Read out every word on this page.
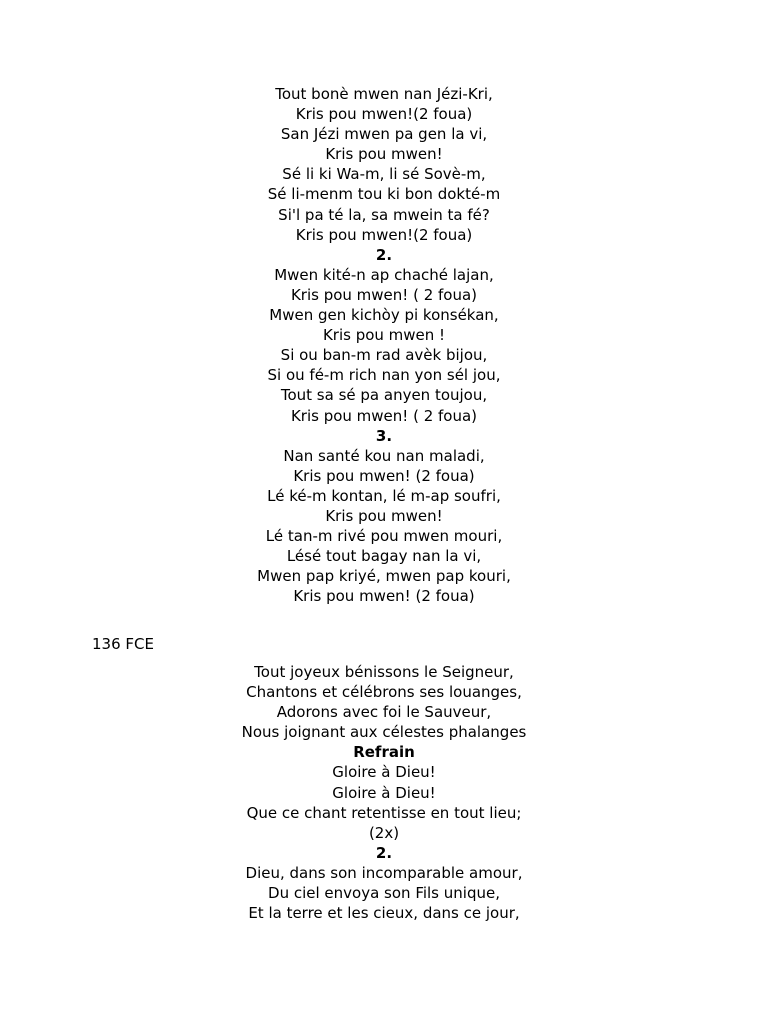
Tout bonè mwen nan Jézi-Kri,
Kris pou mwen!(2 foua)
San Jézi mwen pa gen la vi,
Kris pou mwen!
Sé li ki Wa-m, li sé Sovè-m,
Sé li-menm tou ki bon dokté-m
Si'l pa té la, sa mwein ta fé?
Kris pou mwen!(2 foua)
2.
Mwen kité-n ap chaché lajan,
Kris pou mwen! ( 2 foua)
Mwen gen kichòy pi konsékan,
Kris pou mwen !
Si ou ban-m rad avèk bijou,
Si ou fé-m rich nan yon sél jou,
Tout sa sé pa anyen toujou,
Kris pou mwen! ( 2 foua)
3.
Nan santé kou nan maladi,
Kris pou mwen! (2 foua)
Lé ké-m kontan, lé m-ap soufri,
Kris pou mwen!
Lé tan-m rivé pou mwen mouri,
Lésé tout bagay nan la vi,
Mwen pap kriyé, mwen pap kouri,
Kris pou mwen! (2 foua)
136 FCE
Tout joyeux bénissons le Seigneur,
Chantons et célébrons ses louanges,
Adorons avec foi le Sauveur,
Nous joignant aux célestes phalanges
Refrain
Gloire à Dieu!
Gloire à Dieu!
Que ce chant retentisse en tout lieu;
(2x)
2.
Dieu, dans son incomparable amour,
Du ciel envoya son Fils unique,
Et la terre et les cieux, dans ce jour,
